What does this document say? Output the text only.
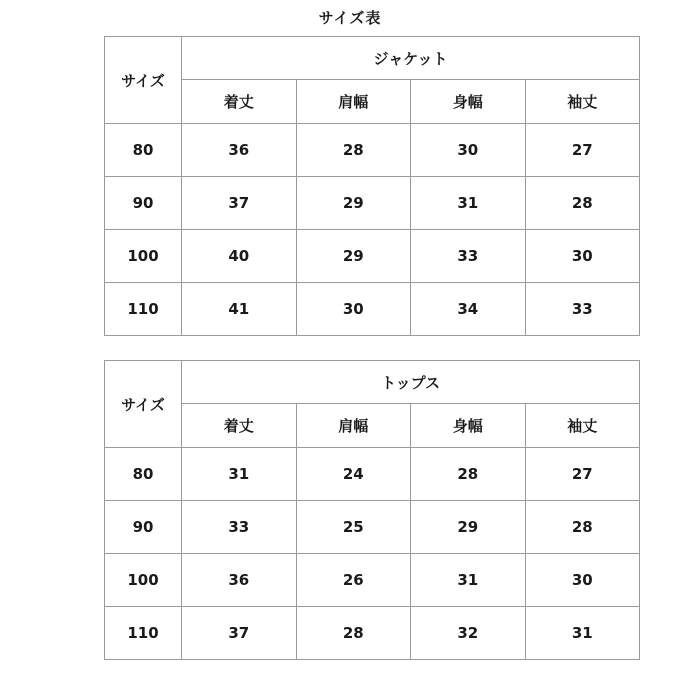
サイズ表
サイズ	ジャケット			
	着丈	肩幅	身幅	袖丈
80	36	28	30	27
90	37	29	31	28
100	40	29	33	30
110	41	30	34	33
サイズ	トップス			
	着丈	肩幅	身幅	袖丈
80	31	24	28	27
90	33	25	29	28
100	36	26	31	30
110	37	28	32	31
